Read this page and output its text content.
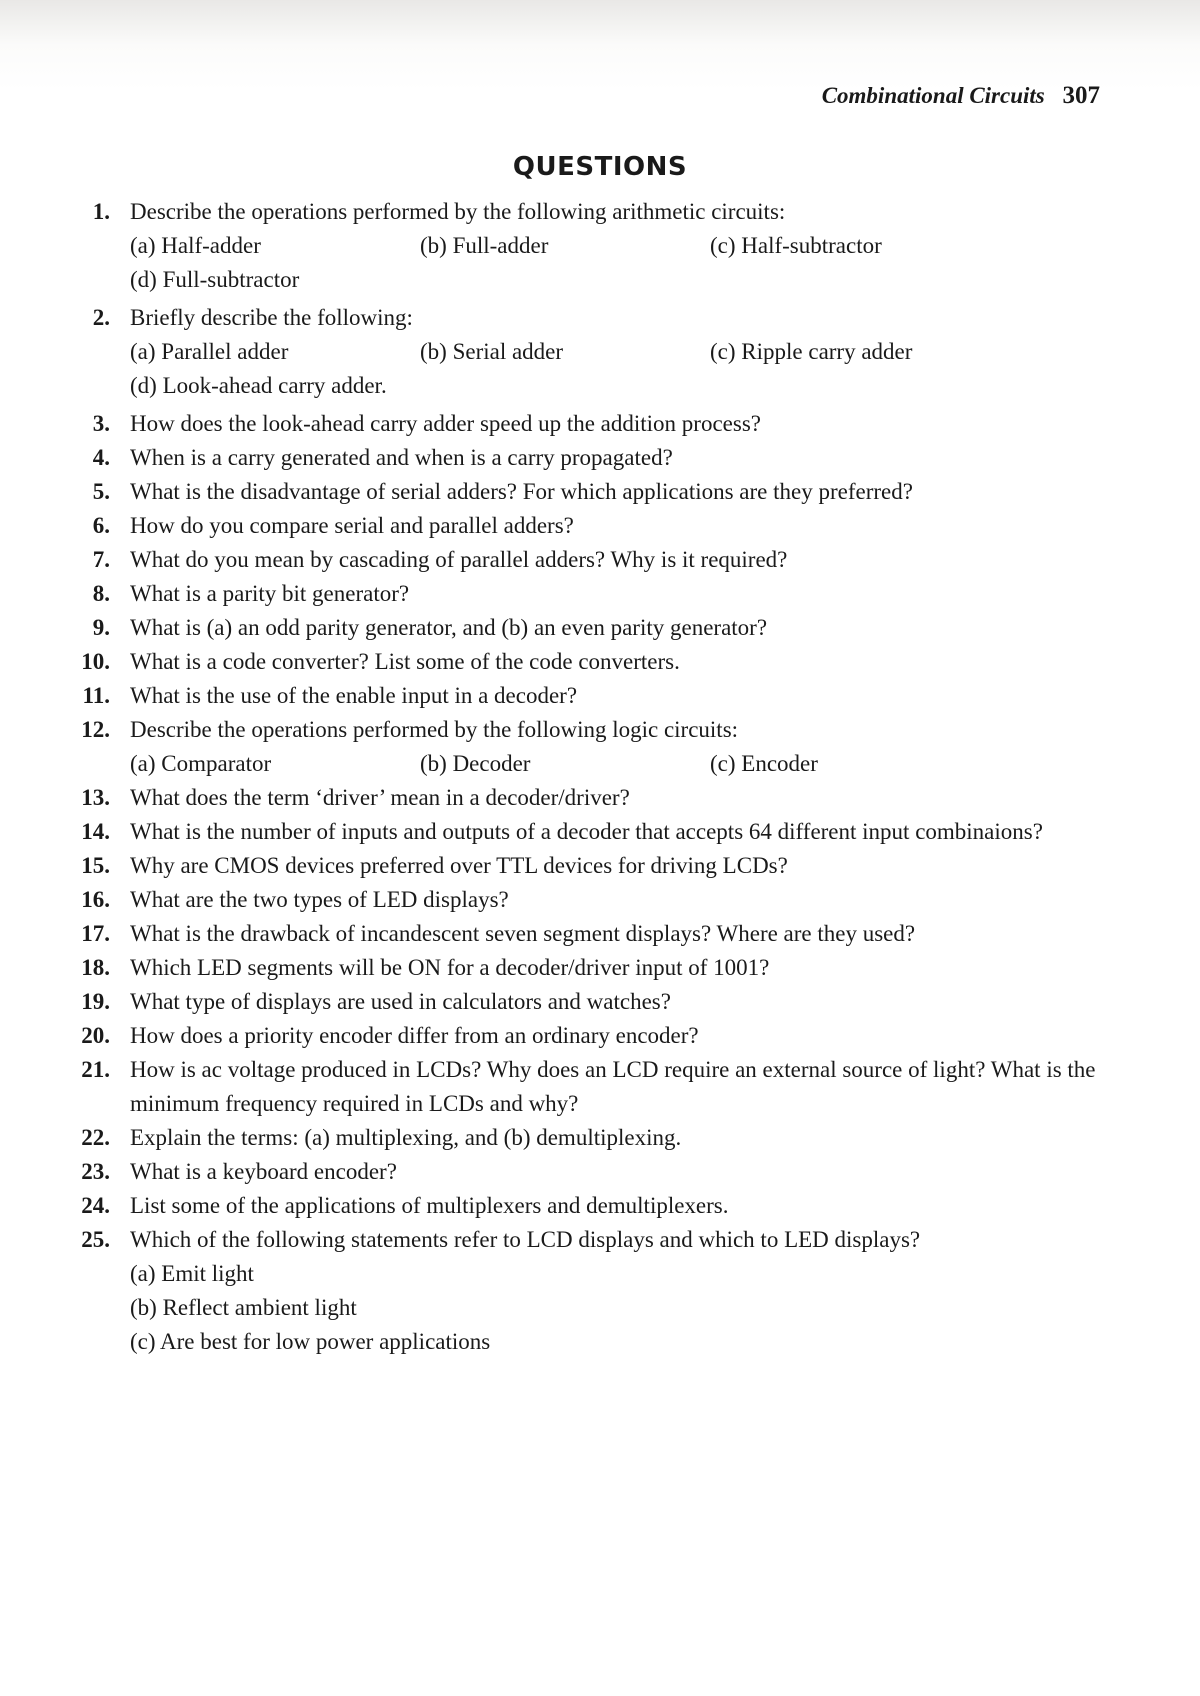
Combinational Circuits 307
QUESTIONS
1. Describe the operations performed by the following arithmetic circuits:
(a) Half-adder	(b) Full-adder	(c) Half-subtractor
(d) Full-subtractor
2. Briefly describe the following:
(a) Parallel adder	(b) Serial adder	(c) Ripple carry adder
(d) Look-ahead carry adder.
3. How does the look-ahead carry adder speed up the addition process?
4. When is a carry generated and when is a carry propagated?
5. What is the disadvantage of serial adders? For which applications are they preferred?
6. How do you compare serial and parallel adders?
7. What do you mean by cascading of parallel adders? Why is it required?
8. What is a parity bit generator?
9. What is (a) an odd parity generator, and (b) an even parity generator?
10. What is a code converter? List some of the code converters.
11. What is the use of the enable input in a decoder?
12. Describe the operations performed by the following logic circuits:
(a) Comparator	(b) Decoder	(c) Encoder
13. What does the term ‘driver’ mean in a decoder/driver?
14. What is the number of inputs and outputs of a decoder that accepts 64 different input combinaions?
15. Why are CMOS devices preferred over TTL devices for driving LCDs?
16. What are the two types of LED displays?
17. What is the drawback of incandescent seven segment displays? Where are they used?
18. Which LED segments will be ON for a decoder/driver input of 1001?
19. What type of displays are used in calculators and watches?
20. How does a priority encoder differ from an ordinary encoder?
21. How is ac voltage produced in LCDs? Why does an LCD require an external source of light? What is the minimum frequency required in LCDs and why?
22. Explain the terms: (a) multiplexing, and (b) demultiplexing.
23. What is a keyboard encoder?
24. List some of the applications of multiplexers and demultiplexers.
25. Which of the following statements refer to LCD displays and which to LED displays?
(a) Emit light
(b) Reflect ambient light
(c) Are best for low power applications
